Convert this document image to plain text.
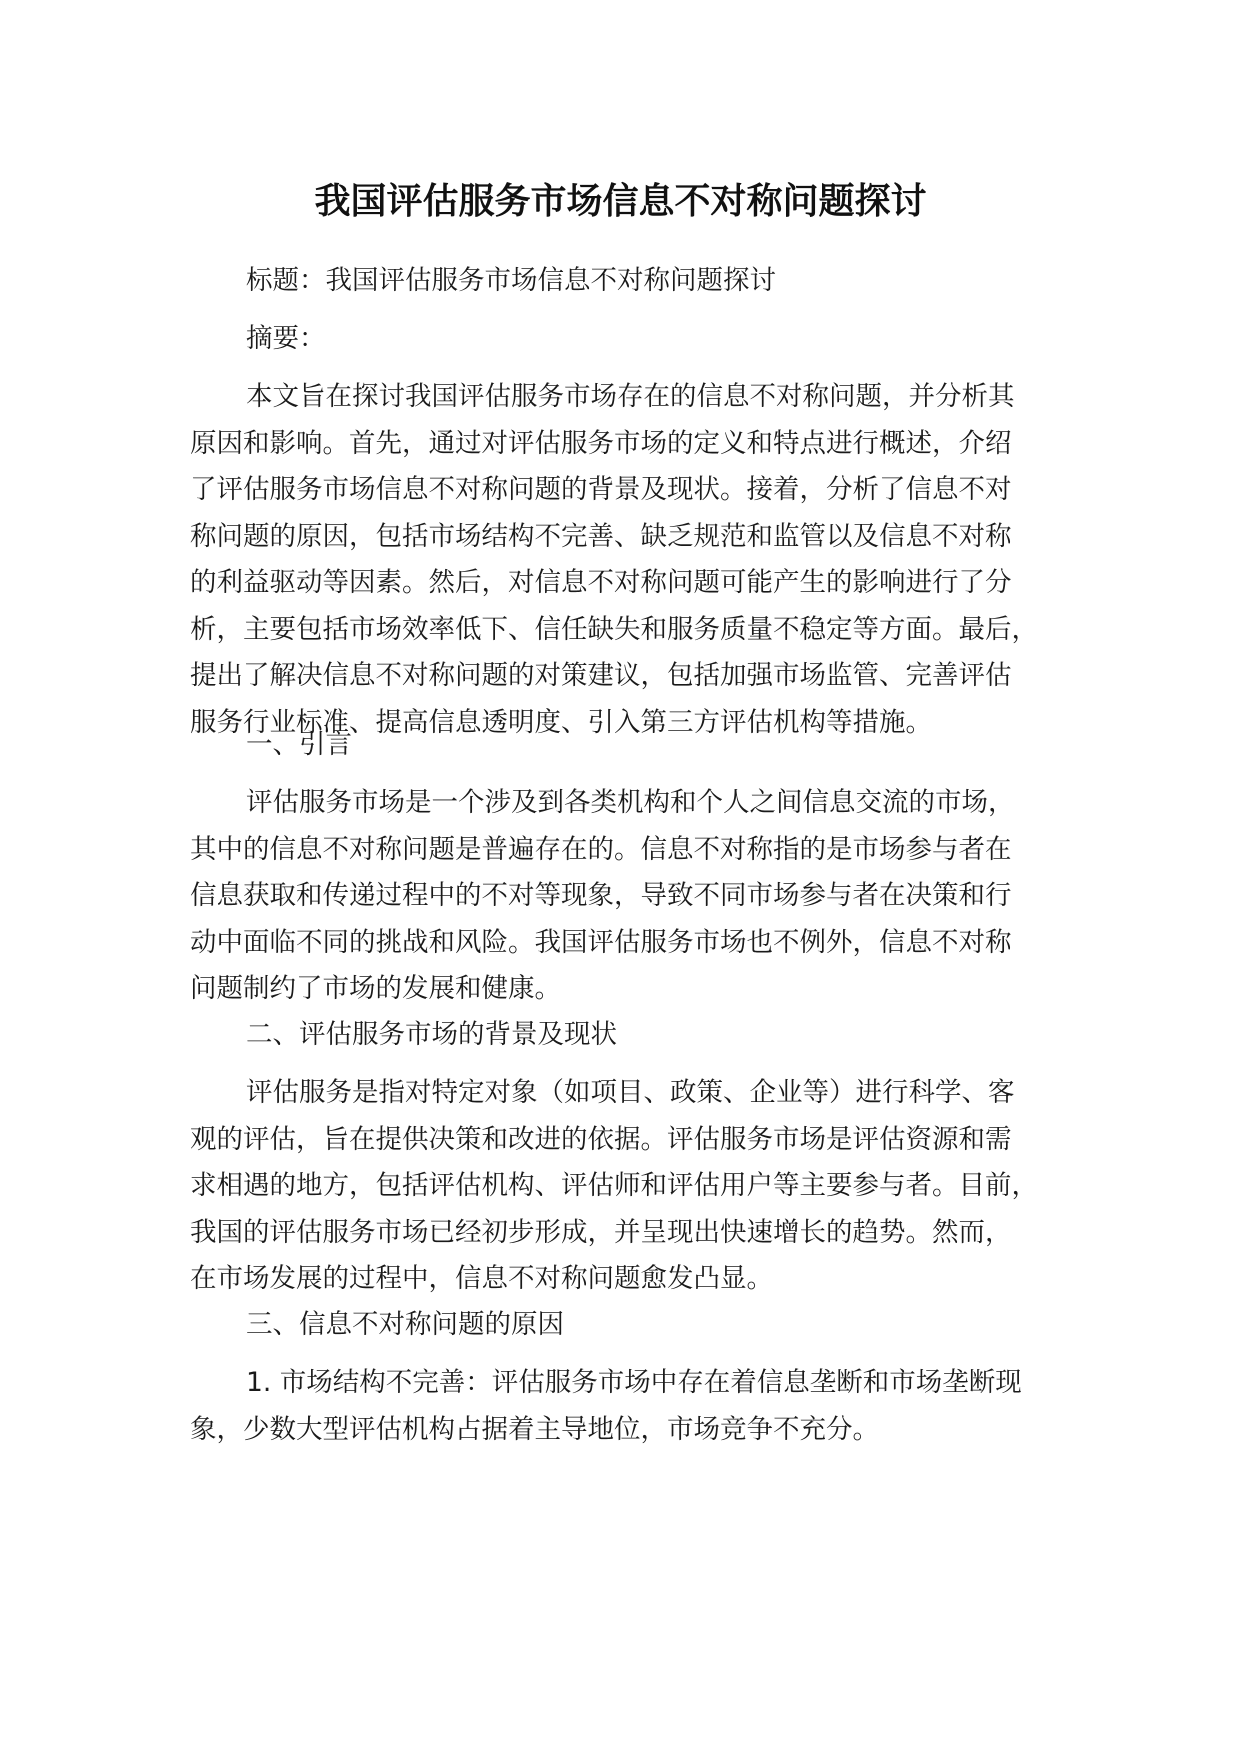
我国评估服务市场信息不对称问题探讨
标题：我国评估服务市场信息不对称问题探讨
摘要：
本文旨在探讨我国评估服务市场存在的信息不对称问题，并分析其
原因和影响。首先，通过对评估服务市场的定义和特点进行概述，介绍
了评估服务市场信息不对称问题的背景及现状。接着，分析了信息不对
称问题的原因，包括市场结构不完善、缺乏规范和监管以及信息不对称
的利益驱动等因素。然后，对信息不对称问题可能产生的影响进行了分
析，主要包括市场效率低下、信任缺失和服务质量不稳定等方面。最后，
提出了解决信息不对称问题的对策建议，包括加强市场监管、完善评估
服务行业标准、提高信息透明度、引入第三方评估机构等措施。
一、引言
评估服务市场是一个涉及到各类机构和个人之间信息交流的市场，
其中的信息不对称问题是普遍存在的。信息不对称指的是市场参与者在
信息获取和传递过程中的不对等现象，导致不同市场参与者在决策和行
动中面临不同的挑战和风险。我国评估服务市场也不例外，信息不对称
问题制约了市场的发展和健康。
二、评估服务市场的背景及现状
评估服务是指对特定对象（如项目、政策、企业等）进行科学、客
观的评估，旨在提供决策和改进的依据。评估服务市场是评估资源和需
求相遇的地方，包括评估机构、评估师和评估用户等主要参与者。目前，
我国的评估服务市场已经初步形成，并呈现出快速增长的趋势。然而，
在市场发展的过程中，信息不对称问题愈发凸显。
三、信息不对称问题的原因
1. 市场结构不完善：评估服务市场中存在着信息垄断和市场垄断现
象，少数大型评估机构占据着主导地位，市场竞争不充分。
